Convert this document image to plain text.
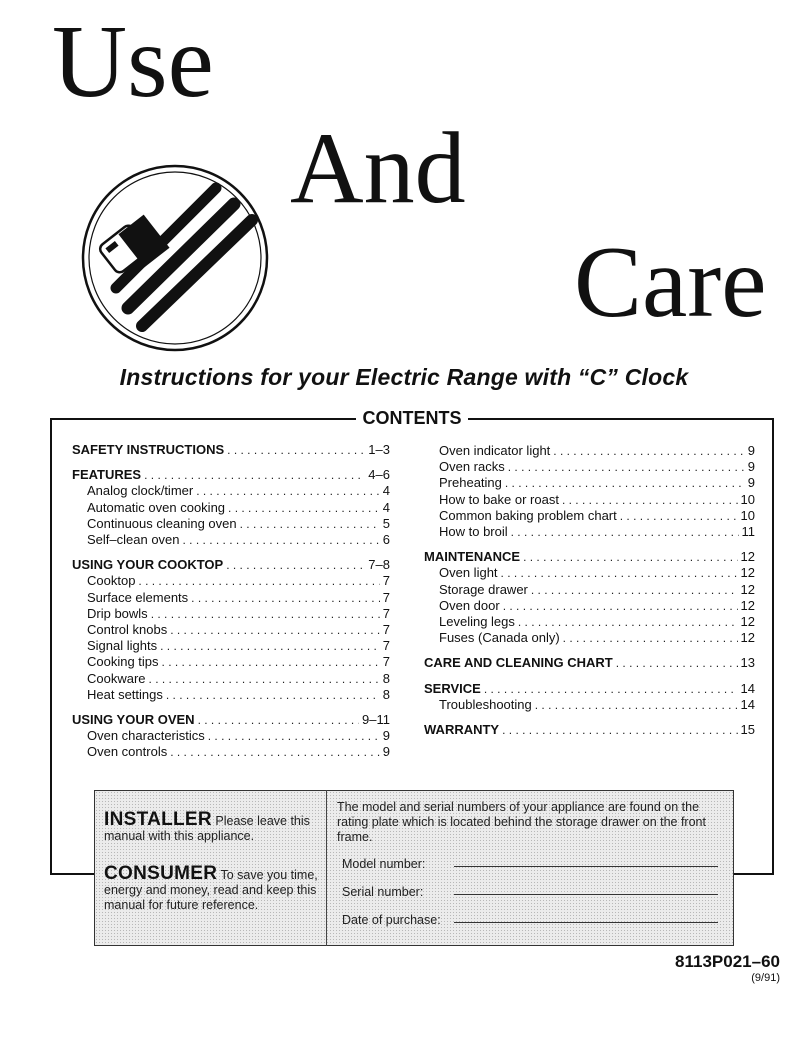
Use
And
Care
Instructions for your Electric Range with “C” Clock
CONTENTS
SAFETY INSTRUCTIONS . . .	1–3
FEATURES . . .	4–6
Analog clock/timer . . .	4
Automatic oven cooking . . .	4
Continuous cleaning oven . . .	5
Self–clean oven . . .	6
USING YOUR COOKTOP . . .	7–8
Cooktop . . .	7
Surface elements . . .	7
Drip bowls . . .	7
Control knobs . . .	7
Signal lights . . .	7
Cooking tips . . .	7
Cookware . . .	8
Heat settings . . .	8
USING YOUR OVEN . . .	9–11
Oven characteristics . . .	9
Oven controls . . .	9
Oven indicator light . . .	9
Oven racks . . .	9
Preheating . . .	9
How to bake or roast . . .	10
Common baking problem chart . . .	10
How to broil . . .	11
MAINTENANCE . . .	12
Oven light . . .	12
Storage drawer . . .	12
Oven door . . .	12
Leveling legs . . .	12
Fuses (Canada only) . . .	12
CARE AND CLEANING CHART . . .	13
SERVICE . . .	14
Troubleshooting . . .	14
WARRANTY . . .	15
INSTALLER Please leave this manual with this appliance.
CONSUMER To save you time, energy and money, read and keep this manual for future reference.
The model and serial numbers of your appliance are found on the rating plate which is located behind the storage drawer on the front frame.
Model number:
Serial number:
Date of purchase:
8113P021–60
(9/91)
